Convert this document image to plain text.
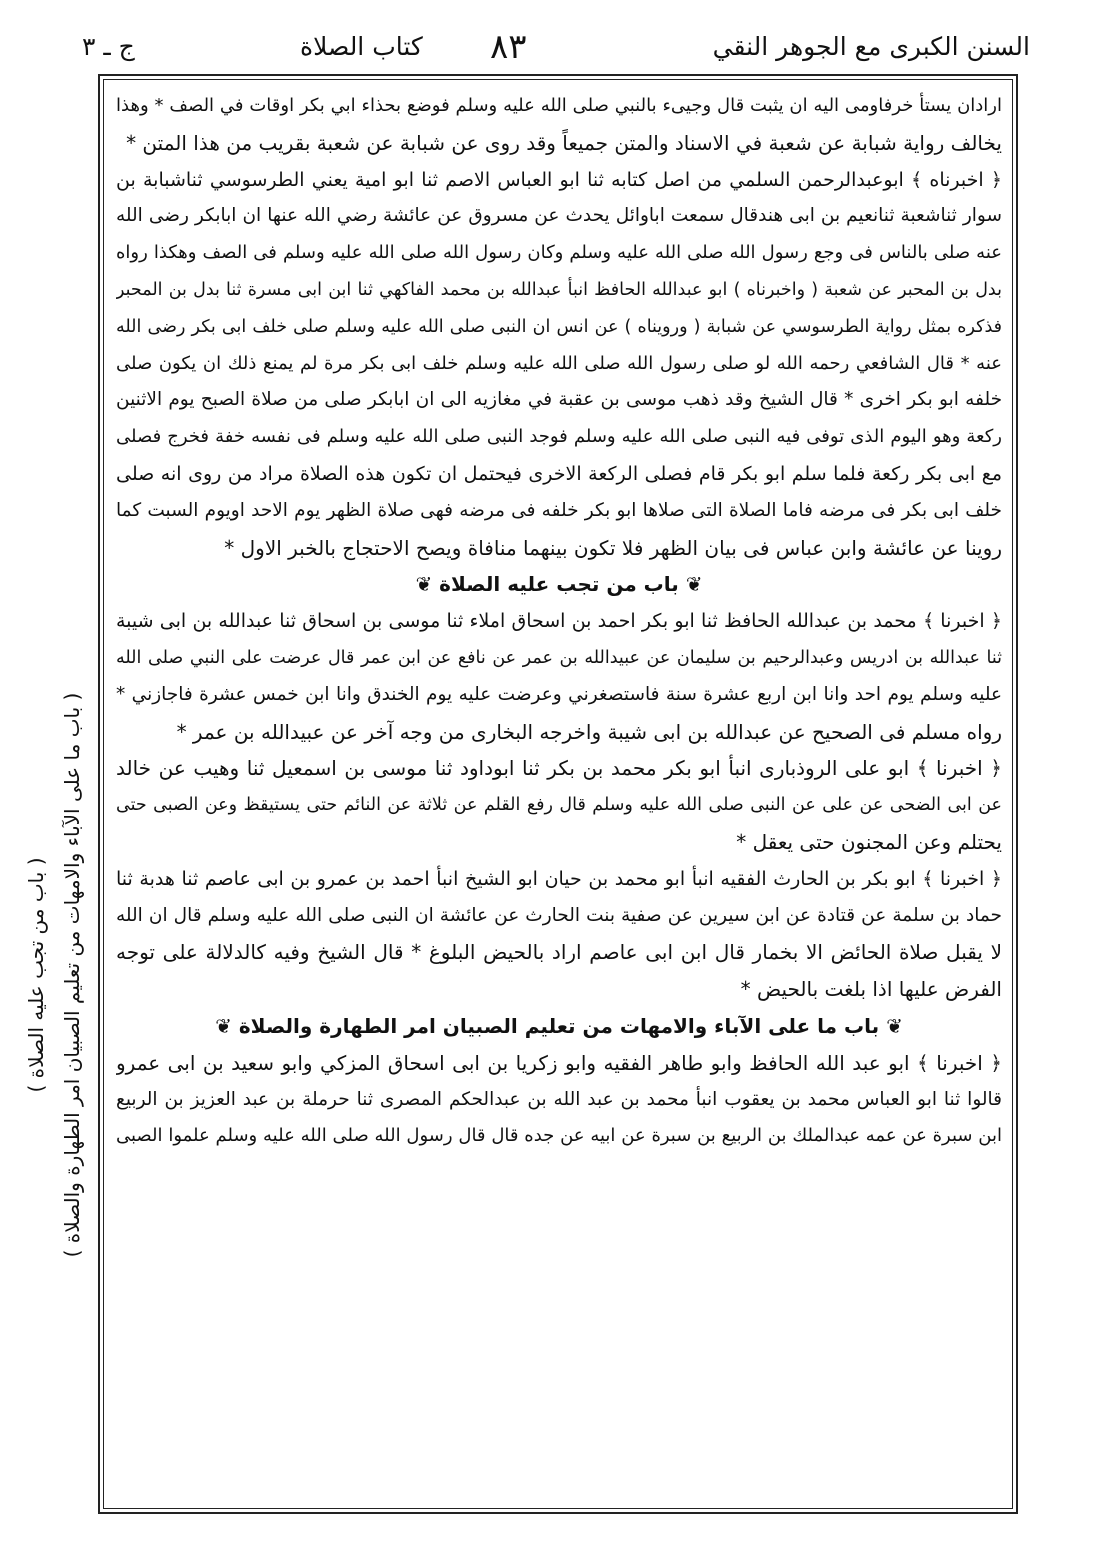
السنن الكبرى مع الجوهر النقي
٨٣
كتاب الصلاة
ج ـ ٣
ارادان يستأ خرفاومى اليه ان يثبت قال وجيىء بالنبي صلى الله عليه وسلم فوضع بحذاء ابي بكر اوقات في الصف * وهذا
يخالف رواية شبابة عن شعبة في الاسناد والمتن جميعاً وقد روى عن شبابة عن شعبة بقريب من هذا المتن *
﴿ اخبرناه ﴾ ابوعبدالرحمن السلمي من اصل كتابه ثنا ابو العباس الاصم ثنا ابو امية يعني الطرسوسي ثناشبابة بن
سوار ثناشعبة ثنانعيم بن ابى هندقال سمعت اباوائل يحدث عن مسروق عن عائشة رضي الله عنها ان ابابكر رضى الله
عنه صلى بالناس فى وجع رسول الله صلى الله عليه وسلم وكان رسول الله صلى الله عليه وسلم فى الصف وهكذا رواه
بدل بن المحبر عن شعبة ( واخبرناه ) ابو عبدالله الحافظ انبأ عبدالله بن محمد الفاكهي ثنا ابن ابى مسرة ثنا بدل بن المحبر
فذكره بمثل رواية الطرسوسي عن شبابة ( ورويناه ) عن انس ان النبى صلى الله عليه وسلم صلى خلف ابى بكر رضى الله
عنه * قال الشافعي رحمه الله لو صلى رسول الله صلى الله عليه وسلم خلف ابى بكر مرة لم يمنع ذلك ان يكون صلى
خلفه ابو بكر اخرى * قال الشيخ وقد ذهب موسى بن عقبة في مغازيه الى ان ابابكر صلى من صلاة الصبح يوم الاثنين
ركعة وهو اليوم الذى توفى فيه النبى صلى الله عليه وسلم فوجد النبى صلى الله عليه وسلم فى نفسه خفة فخرج فصلى
مع ابى بكر ركعة فلما سلم ابو بكر قام فصلى الركعة الاخرى فيحتمل ان تكون هذه الصلاة مراد من روى انه صلى
خلف ابى بكر فى مرضه فاما الصلاة التى صلاها ابو بكر خلفه فى مرضه فهى صلاة الظهر يوم الاحد اويوم السبت كما
روينا عن عائشة وابن عباس فى بيان الظهر فلا تكون بينهما منافاة ويصح الاحتجاج بالخبر الاول *
❦ باب من تجب عليه الصلاة ❦
﴿ اخبرنا ﴾ محمد بن عبدالله الحافظ ثنا ابو بكر احمد بن اسحاق املاء ثنا موسى بن اسحاق ثنا عبدالله بن ابى شيبة
ثنا عبدالله بن ادريس وعبدالرحيم بن سليمان عن عبيدالله بن عمر عن نافع عن ابن عمر قال عرضت على النبي صلى الله
عليه وسلم يوم احد وانا ابن اربع عشرة سنة فاستصغرني وعرضت عليه يوم الخندق وانا ابن خمس عشرة فاجازني *
رواه مسلم فى الصحيح عن عبدالله بن ابى شيبة واخرجه البخارى من وجه آخر عن عبيدالله بن عمر *
﴿ اخبرنا ﴾ ابو على الروذبارى انبأ ابو بكر محمد بن بكر ثنا ابوداود ثنا موسى بن اسمعيل ثنا وهيب عن خالد
عن ابى الضحى عن على عن النبى صلى الله عليه وسلم قال رفع القلم عن ثلاثة عن النائم حتى يستيقظ وعن الصبى حتى
يحتلم وعن المجنون حتى يعقل *
﴿ اخبرنا ﴾ ابو بكر بن الحارث الفقيه انبأ ابو محمد بن حيان ابو الشيخ انبأ احمد بن عمرو بن ابى عاصم ثنا هدبة ثنا
حماد بن سلمة عن قتادة عن ابن سيرين عن صفية بنت الحارث عن عائشة ان النبى صلى الله عليه وسلم قال ان الله
لا يقبل صلاة الحائض الا بخمار قال ابن ابى عاصم اراد بالحيض البلوغ * قال الشيخ وفيه كالدلالة على توجه
الفرض عليها اذا بلغت بالحيض *
❦ باب ما على الآباء والامهات من تعليم الصبيان امر الطهارة والصلاة ❦
﴿ اخبرنا ﴾ ابو عبد الله الحافظ وابو طاهر الفقيه وابو زكريا بن ابى اسحاق المزكي وابو سعيد بن ابى عمرو
قالوا ثنا ابو العباس محمد بن يعقوب انبأ محمد بن عبد الله بن عبدالحكم المصرى ثنا حرملة بن عبد العزيز بن الربيع
ابن سبرة عن عمه عبدالملك بن الربيع بن سبرة عن ابيه عن جده قال قال رسول الله صلى الله عليه وسلم علموا الصبى
( باب من تجب عليه الصلاة ) ( باب ما على الآباء والامهات من تعليم الصبيان امر الطهارة والصلاة )
